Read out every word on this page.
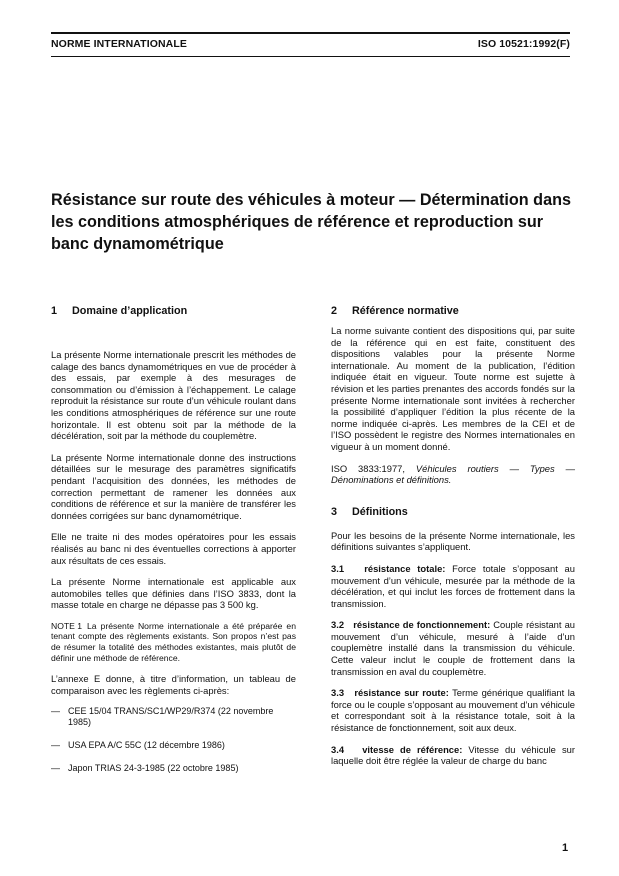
NORME INTERNATIONALE	ISO 10521:1992(F)
Résistance sur route des véhicules à moteur — Détermination dans les conditions atmosphériques de référence et reproduction sur banc dynamométrique

1 Domaine d’application

La présente Norme internationale prescrit les méthodes de calage des bancs dynamométriques en vue de procéder à des essais, par exemple à des mesurages de consommation ou d’émission à l’échappement. Le calage reproduit la résistance sur route d’un véhicule roulant dans les conditions atmosphériques de référence sur une route horizontale. Il est obtenu soit par la méthode de la décélération, soit par la méthode du couplemètre.

La présente Norme internationale donne des instructions détaillées sur le mesurage des paramètres significatifs pendant l’acquisition des données, les méthodes de correction permettant de ramener les données aux conditions de référence et sur la manière de transférer les données corrigées sur banc dynamométrique.

Elle ne traite ni des modes opératoires pour les essais réalisés au banc ni des éventuelles corrections à apporter aux résultats de ces essais.

La présente Norme internationale est applicable aux automobiles telles que définies dans l’ISO 3833, dont la masse totale en charge ne dépasse pas 3 500 kg.

NOTE 1 La présente Norme internationale a été préparée en tenant compte des règlements existants. Son propos n’est pas de résumer la totalité des méthodes existantes, mais plutôt de définir une méthode de référence.

L’annexe E donne, à titre d’information, un tableau de comparaison avec les règlements ci-après:

— CEE 15/04 TRANS/SC1/WP29/R374 (22 novembre 1985)
— USA EPA A/C 55C (12 décembre 1986)
— Japon TRIAS 24-3-1985 (22 octobre 1985)

2 Référence normative

La norme suivante contient des dispositions qui, par suite de la référence qui en est faite, constituent des dispositions valables pour la présente Norme internationale. Au moment de la publication, l’édition indiquée était en vigueur. Toute norme est sujette à révision et les parties prenantes des accords fondés sur la présente Norme internationale sont invitées à rechercher la possibilité d’appliquer l’édition la plus récente de la norme indiquée ci-après. Les membres de la CEI et de l’ISO possèdent le registre des Normes internationales en vigueur à un moment donné.

ISO 3833:1977, Véhicules routiers — Types — Dénominations et définitions.

3 Définitions

Pour les besoins de la présente Norme internationale, les définitions suivantes s’appliquent.

3.1 résistance totale: Force totale s’opposant au mouvement d’un véhicule, mesurée par la méthode de la décélération, et qui inclut les forces de frottement dans la transmission.

3.2 résistance de fonctionnement: Couple résistant au mouvement d’un véhicule, mesuré à l’aide d’un couplemètre installé dans la transmission du véhicule. Cette valeur inclut le couple de frottement dans la transmission en aval du couplemètre.

3.3 résistance sur route: Terme générique qualifiant la force ou le couple s’opposant au mouvement d’un véhicule et correspondant soit à la résistance totale, soit à la résistance de fonctionnement, soit aux deux.

3.4 vitesse de référence: Vitesse du véhicule sur laquelle doit être réglée la valeur de charge du banc

1
